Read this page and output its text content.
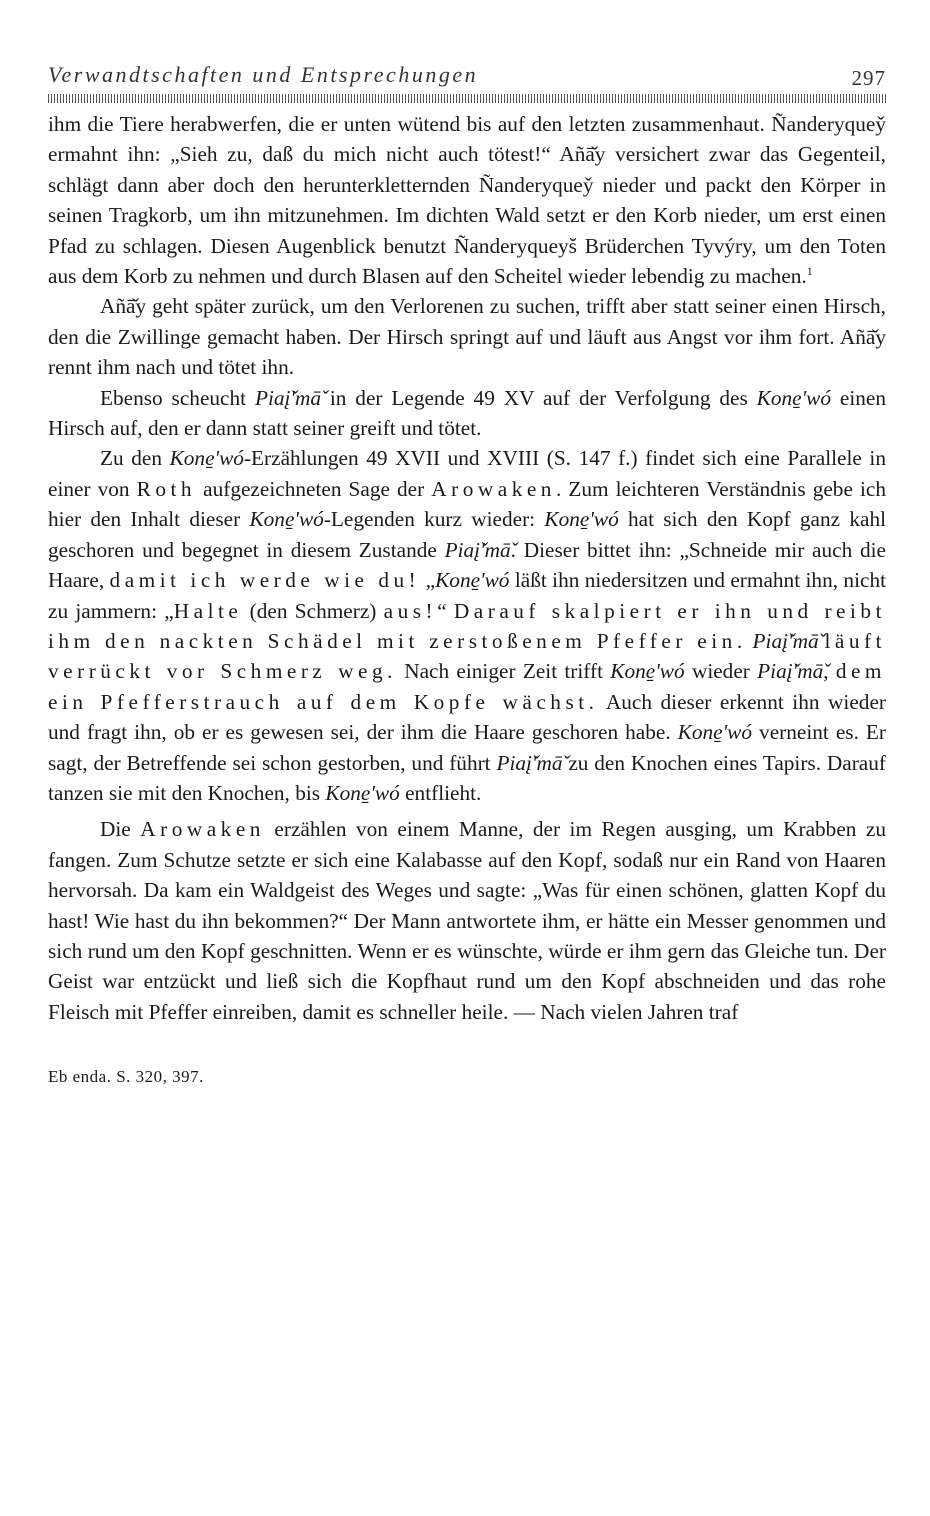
Verwandtschaften und Entsprechungen	297

ihm die Tiere herabwerfen, die er unten wütend bis auf den letzten zusammenhaut. Ñanderyquey̌ ermahnt ihn: „Sieh zu, daß du mich nicht auch tötest!“ Añā̌y versichert zwar das Gegenteil, schlägt dann aber doch den herunterkletternden Ñanderyquey̌ nieder und packt den Körper in seinen Tragkorb, um ihn mitzunehmen. Im dichten Wald setzt er den Korb nieder, um erst einen Pfad zu schlagen. Diesen Augenblick benutzt Ñanderyqueys̆ Brüderchen Tyvýry, um den Toten aus dem Korb zu nehmen und durch Blasen auf den Scheitel wieder lebendig zu machen.$^1$

Añā̌y geht später zurück, um den Verlorenen zu suchen, trifft aber statt seiner einen Hirsch, den die Zwillinge gemacht haben. Der Hirsch springt auf und läuft aus Angst vor ihm fort. Añā̌y rennt ihm nach und tötet ihn.

Ebenso scheucht Piaį̌'mā̌ in der Legende 49 XV auf der Verfolgung des Kone̠'wó einen Hirsch auf, den er dann statt seiner greift und tötet.

Zu den Kone̠'wó-Erzählungen 49 XVII und XVIII (S. 147 f.) findet sich eine Parallele in einer von Roth aufgezeichneten Sage der Arowaken. Zum leichteren Verständnis gebe ich hier den Inhalt dieser Kone̠'wó-Legenden kurz wieder: Kone̠'wó hat sich den Kopf ganz kahl geschoren und begegnet in diesem Zustande Piaį̌'mā̌. Dieser bittet ihn: „Schneide mir auch die Haare, damit ich werde wie du! „Kone̠'wó läßt ihn niedersitzen und ermahnt ihn, nicht zu jammern: „Halte (den Schmerz) aus!“ Darauf skalpiert er ihn und reibt ihm den nackten Schädel mit zerstoßenem Pfeffer ein. Piaį̌'mā̌ läuft verrückt vor Schmerz weg. Nach einiger Zeit trifft Kone̠'wó wieder Piaį̌'mā̌, dem ein Pfefferstrauch auf dem Kopfe wächst. Auch dieser erkennt ihn wieder und fragt ihn, ob er es gewesen sei, der ihm die Haare geschoren habe. Kone̠'wó verneint es. Er sagt, der Betreffende sei schon gestorben, und führt Piaį̌'mā̌ zu den Knochen eines Tapirs. Darauf tanzen sie mit den Knochen, bis Kone̠'wó entflieht.

Die Arowaken erzählen von einem Manne, der im Regen ausging, um Krabben zu fangen. Zum Schutze setzte er sich eine Kalabasse auf den Kopf, sodaß nur ein Rand von Haaren hervorsah. Da kam ein Waldgeist des Weges und sagte: „Was für einen schönen, glatten Kopf du hast! Wie hast du ihn bekommen?“ Der Mann antwortete ihm, er hätte ein Messer genommen und sich rund um den Kopf geschnitten. Wenn er es wünschte, würde er ihm gern das Gleiche tun. Der Geist war entzückt und ließ sich die Kopfhaut rund um den Kopf abschneiden und das rohe Fleisch mit Pfeffer einreiben, damit es schneller heile. — Nach vielen Jahren traf

Eb enda. S. 320, 397.
